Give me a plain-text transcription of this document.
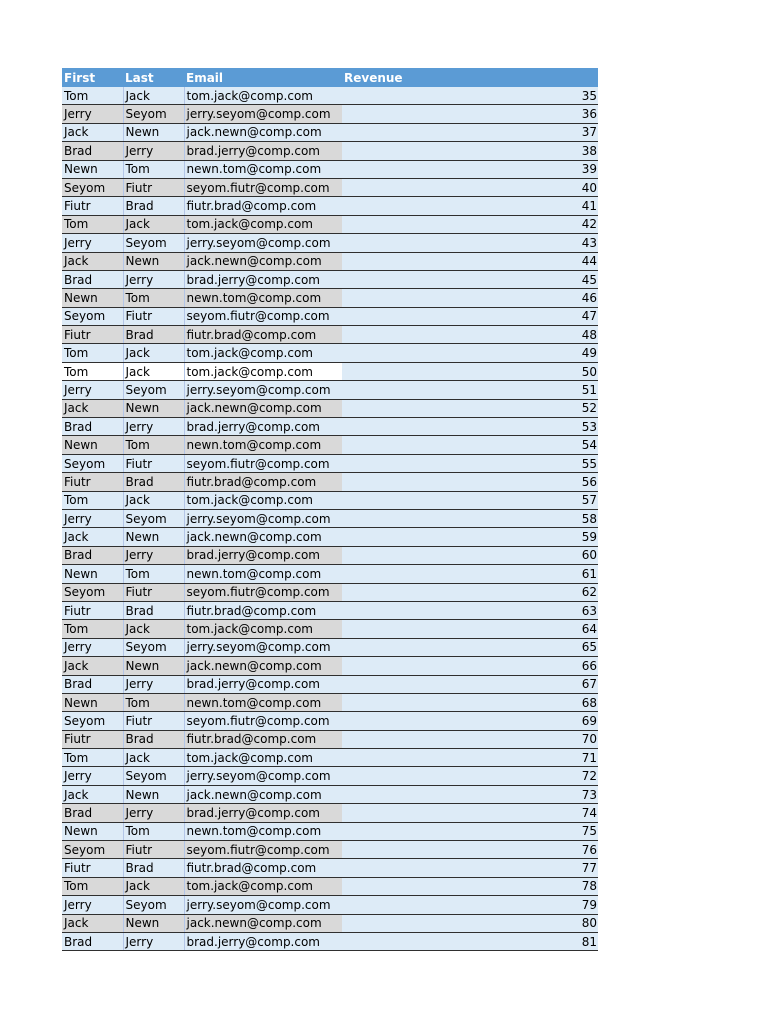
First	Last	Email	Revenue
Tom	Jack	tom.jack@comp.com	35
Jerry	Seyom	jerry.seyom@comp.com	36
Jack	Newn	jack.newn@comp.com	37
Brad	Jerry	brad.jerry@comp.com	38
Newn	Tom	newn.tom@comp.com	39
Seyom	Fiutr	seyom.fiutr@comp.com	40
Fiutr	Brad	fiutr.brad@comp.com	41
Tom	Jack	tom.jack@comp.com	42
Jerry	Seyom	jerry.seyom@comp.com	43
Jack	Newn	jack.newn@comp.com	44
Brad	Jerry	brad.jerry@comp.com	45
Newn	Tom	newn.tom@comp.com	46
Seyom	Fiutr	seyom.fiutr@comp.com	47
Fiutr	Brad	fiutr.brad@comp.com	48
Tom	Jack	tom.jack@comp.com	49
Tom	Jack	tom.jack@comp.com	50
Jerry	Seyom	jerry.seyom@comp.com	51
Jack	Newn	jack.newn@comp.com	52
Brad	Jerry	brad.jerry@comp.com	53
Newn	Tom	newn.tom@comp.com	54
Seyom	Fiutr	seyom.fiutr@comp.com	55
Fiutr	Brad	fiutr.brad@comp.com	56
Tom	Jack	tom.jack@comp.com	57
Jerry	Seyom	jerry.seyom@comp.com	58
Jack	Newn	jack.newn@comp.com	59
Brad	Jerry	brad.jerry@comp.com	60
Newn	Tom	newn.tom@comp.com	61
Seyom	Fiutr	seyom.fiutr@comp.com	62
Fiutr	Brad	fiutr.brad@comp.com	63
Tom	Jack	tom.jack@comp.com	64
Jerry	Seyom	jerry.seyom@comp.com	65
Jack	Newn	jack.newn@comp.com	66
Brad	Jerry	brad.jerry@comp.com	67
Newn	Tom	newn.tom@comp.com	68
Seyom	Fiutr	seyom.fiutr@comp.com	69
Fiutr	Brad	fiutr.brad@comp.com	70
Tom	Jack	tom.jack@comp.com	71
Jerry	Seyom	jerry.seyom@comp.com	72
Jack	Newn	jack.newn@comp.com	73
Brad	Jerry	brad.jerry@comp.com	74
Newn	Tom	newn.tom@comp.com	75
Seyom	Fiutr	seyom.fiutr@comp.com	76
Fiutr	Brad	fiutr.brad@comp.com	77
Tom	Jack	tom.jack@comp.com	78
Jerry	Seyom	jerry.seyom@comp.com	79
Jack	Newn	jack.newn@comp.com	80
Brad	Jerry	brad.jerry@comp.com	81
